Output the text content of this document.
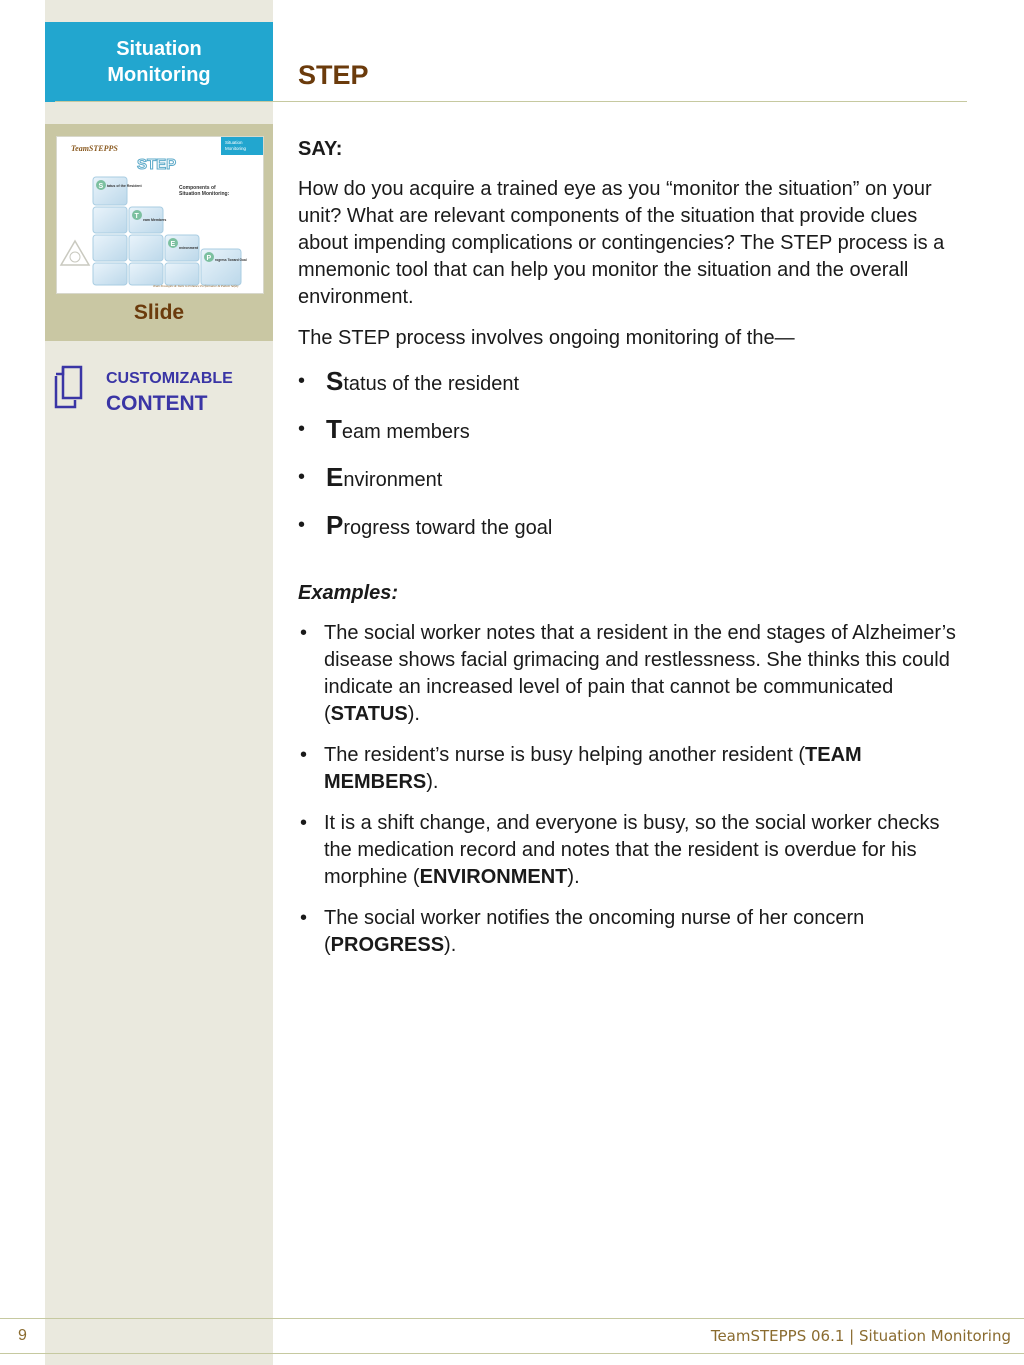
Situation
Monitoring	STEP
Situation
Monitoring
TeamSTEPPS
STEP
Components of
Situation Monitoring:
S tatus of the Resident
T eam Members
E nvironment
P rogress Toward Goal
Team Strategies & Tools to Enhance Performance & Patient Safety
Slide
CUSTOMIZABLE
CONTENT

SAY:

How do you acquire a trained eye as you “monitor the situation” on your unit? What are relevant components of the situation that provide clues about impending complications or contingencies? The STEP process is a mnemonic tool that can help you monitor the situation and the overall environment.

The STEP process involves ongoing monitoring of the—

• Status of the resident
• Team members
• Environment
• Progress toward the goal

Examples:

• The social worker notes that a resident in the end stages of Alzheimer’s disease shows facial grimacing and restlessness. She thinks this could indicate an increased level of pain that cannot be communicated (STATUS).
• The resident’s nurse is busy helping another resident (TEAM MEMBERS).
• It is a shift change, and everyone is busy, so the social worker checks the medication record and notes that the resident is overdue for his morphine (ENVIRONMENT).
• The social worker notifies the oncoming nurse of her concern (PROGRESS).
9	TeamSTEPPS 06.1 | Situation Monitoring
